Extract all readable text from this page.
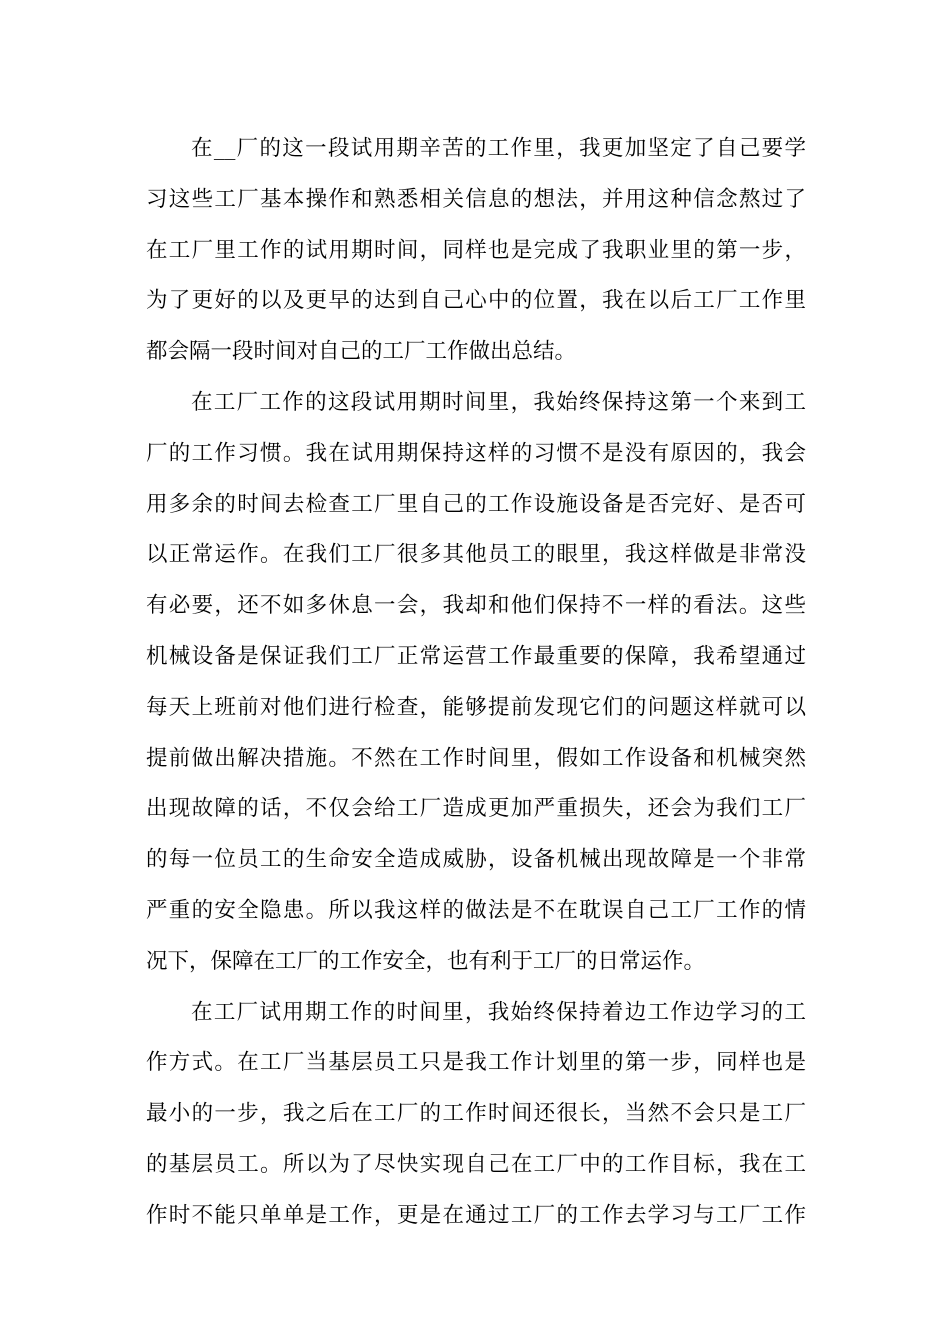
在__厂的这一段试用期辛苦的工作里，我更加坚定了自己要学
习这些工厂基本操作和熟悉相关信息的想法，并用这种信念熬过了
在工厂里工作的试用期时间，同样也是完成了我职业里的第一步，
为了更好的以及更早的达到自己心中的位置，我在以后工厂工作里
都会隔一段时间对自己的工厂工作做出总结。
在工厂工作的这段试用期时间里，我始终保持这第一个来到工
厂的工作习惯。我在试用期保持这样的习惯不是没有原因的，我会
用多余的时间去检查工厂里自己的工作设施设备是否完好、是否可
以正常运作。在我们工厂很多其他员工的眼里，我这样做是非常没
有必要，还不如多休息一会，我却和他们保持不一样的看法。这些
机械设备是保证我们工厂正常运营工作最重要的保障，我希望通过
每天上班前对他们进行检查，能够提前发现它们的问题这样就可以
提前做出解决措施。不然在工作时间里，假如工作设备和机械突然
出现故障的话，不仅会给工厂造成更加严重损失，还会为我们工厂
的每一位员工的生命安全造成威胁，设备机械出现故障是一个非常
严重的安全隐患。所以我这样的做法是不在耽误自己工厂工作的情
况下，保障在工厂的工作安全，也有利于工厂的日常运作。
在工厂试用期工作的时间里，我始终保持着边工作边学习的工
作方式。在工厂当基层员工只是我工作计划里的第一步，同样也是
最小的一步，我之后在工厂的工作时间还很长，当然不会只是工厂
的基层员工。所以为了尽快实现自己在工厂中的工作目标，我在工
作时不能只单单是工作，更是在通过工厂的工作去学习与工厂工作
